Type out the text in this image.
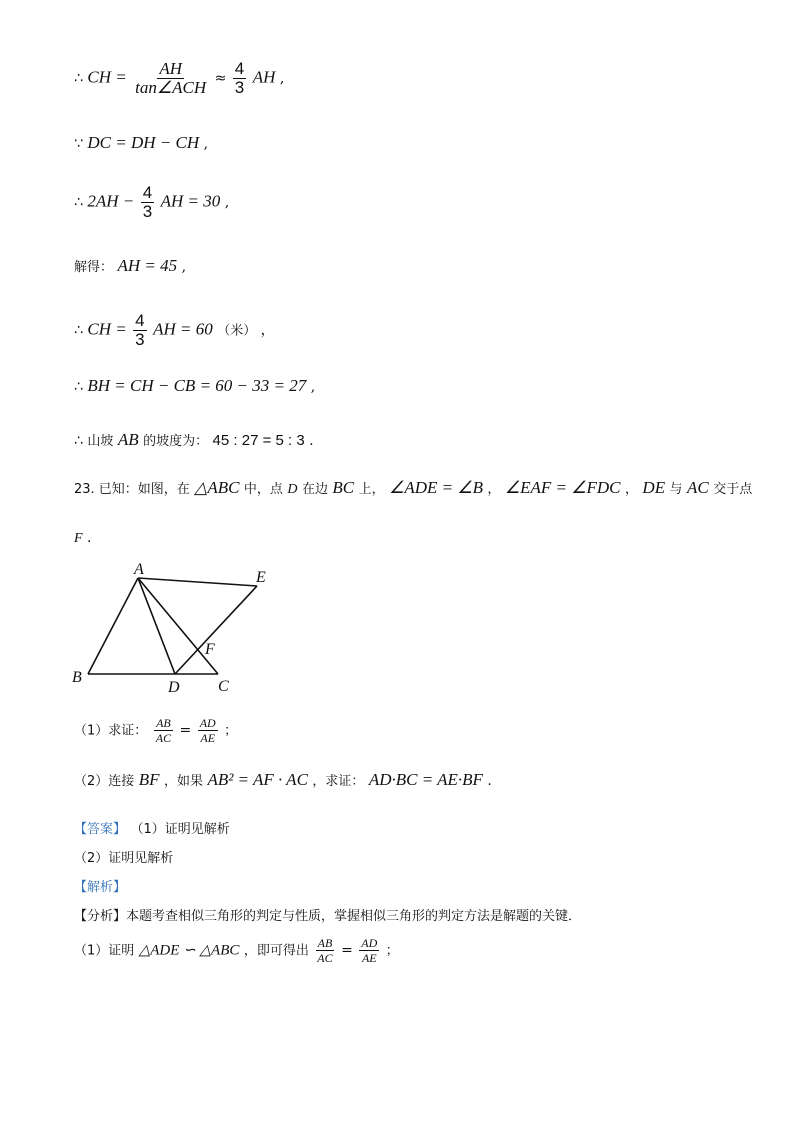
∴ CH = $\frac{AH}{\text{tan∠ACH}} \approx \frac{4}{3}$ AH ,
∵ DC = DH − CH ,
∴ $2AH - \frac{4}{3}$ AH = 30 ,
解得： AH = 45 ,
∴ CH = $\frac{4}{3}$ AH = 60 （米） ，
∴ BH = CH − CB = 60 − 33 = 27 ,
∴ 山坡 AB 的坡度为： 45 : 27 = 5 : 3 .
23. 已知：如图，在 △ABC 中，点 D 在边 BC 上， ∠ADE = ∠B ， ∠EAF = ∠FDC ， DE 与 AC 交于点
F .
A	E
F
B
D C
（1）求证： $\frac{AB}{AC} = \frac{AD}{AE}$ ；
（2）连接 BF ，如果 AB² = AF · AC ，求证： AD·BC = AE·BF .
【答案】 （1）证明见解析
（2）证明见解析
【解析】
【分析】本题考查相似三角形的判定与性质，掌握相似三角形的判定方法是解题的关键．
（1）证明 △ADE ∽ △ABC ，即可得出 $\frac{AB}{AC} = \frac{AD}{AE}$ ；
